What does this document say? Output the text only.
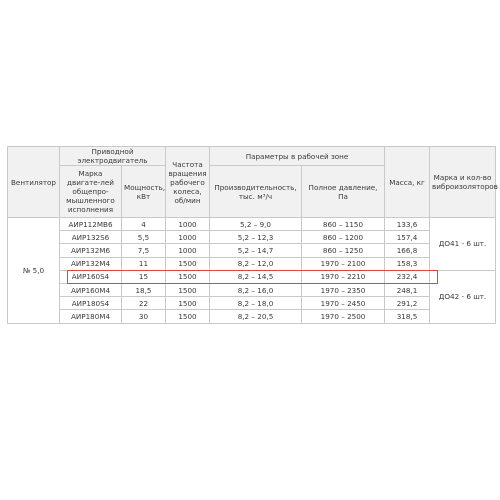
Вентилятор	Приводной электродвигатель		Частота вращения рабочего колеса, об/мин	Параметры в рабочей зоне		Масса, кг	Марка и кол-во виброизоляторов
	Марка двигате-лей общепро-мышленного исполнения	Мощность, кВт		Производительность, тыс. м³/ч	Полное давление, Па		
№ 5,0	АИР112МВ6	4	1000	5,2 – 9,0	860 – 1150	133,6	ДО41 - 6 шт.
	АИР132S6	5,5	1000	5,2 – 12,3	860 – 1200	157,4	
	АИР132М6	7,5	1000	5,2 – 14,7	860 – 1250	166,8	
	АИР132М4	11	1500	8,2 – 12,0	1970 – 2100	158,3	
	АИР160S4	15	1500	8,2 – 14,5	1970 – 2210	232,4	ДО42 - 6 шт.
	АИР160М4	18,5	1500	8,2 – 16,0	1970 – 2350	248,1	
	АИР180S4	22	1500	8,2 – 18,0	1970 – 2450	291,2	
	АИР180М4	30	1500	8,2 – 20,5	1970 – 2500	318,5	
